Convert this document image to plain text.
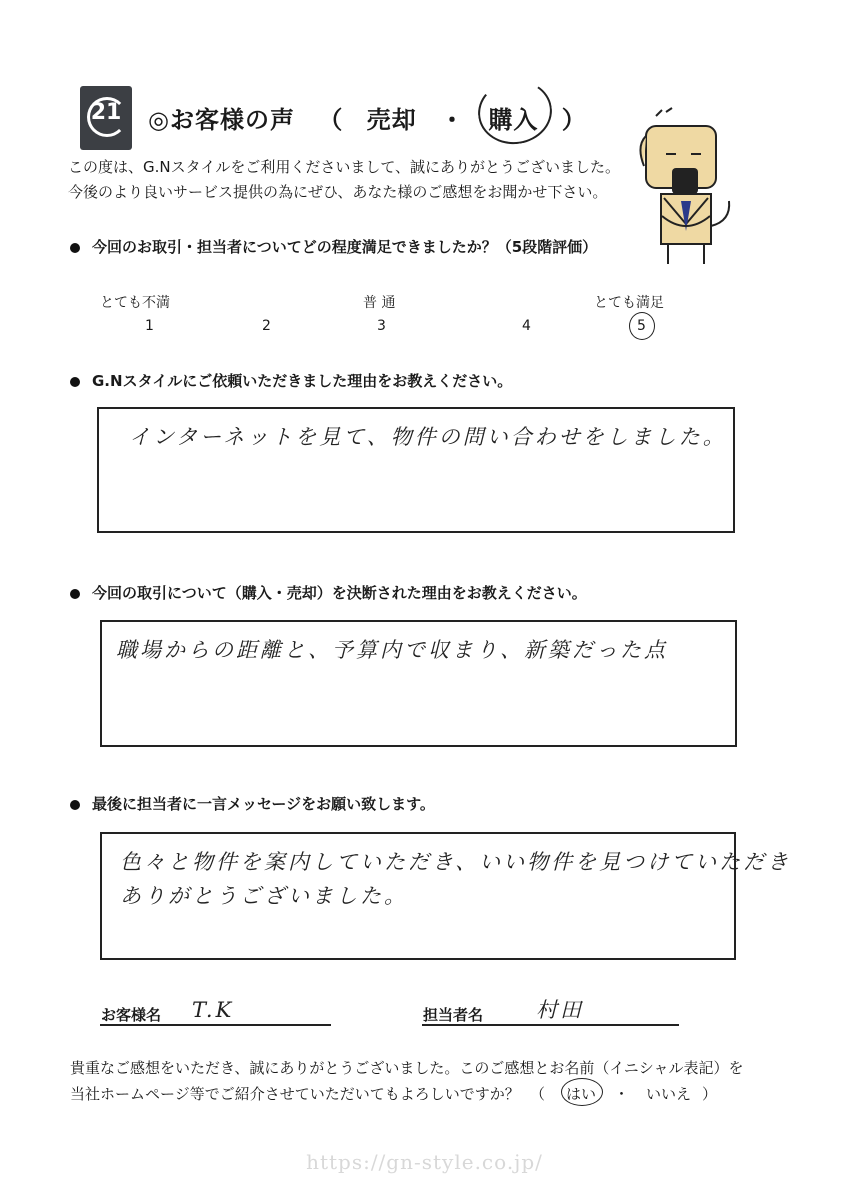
21	◎お客様の声 （ 売却 ・ 購入 ）
この度は、G.Nスタイルをご利用くださいまして、誠にありがとうございました。
今後のより良いサービス提供の為にぜひ、あなた様のご感想をお聞かせ下さい。
今回のお取引・担当者についてどの程度満足できましたか？（5段階評価）
とても不満	普 通	とても満足
1	2	3	4	5
G.Nスタイルにご依頼いただきました理由をお教えください。
インターネットを見て、物件の問い合わせをしました。
今回の取引について（購入・売却）を決断された理由をお教えください。
職場からの距離と、予算内で収まり、新築だった点
最後に担当者に一言メッセージをお願い致します。
色々と物件を案内していただき、いい物件を見つけていただき
ありがとうございました。
お客様名 T.K	担当者名	村田
貴重なご感想をいただき、誠にありがとうございました。このご感想とお名前（イニシャル表記）を
当社ホームページ等でご紹介させていただいてもよろしいですか？ （ はい ・ いいえ ）
https://gn-style.co.jp/
